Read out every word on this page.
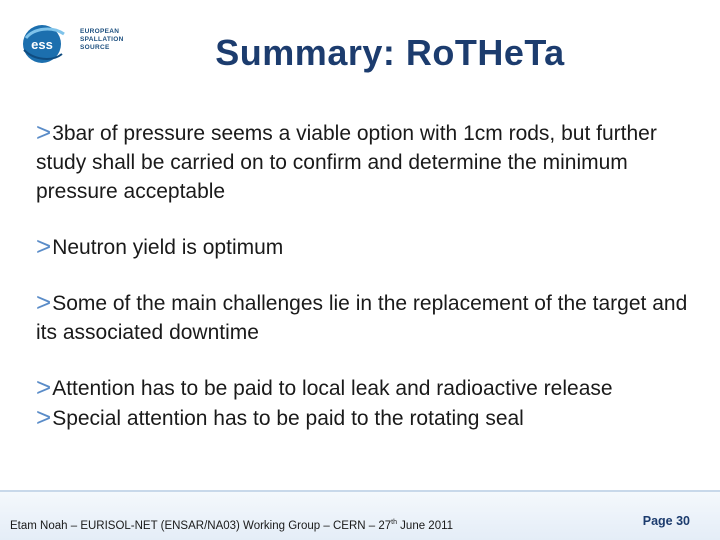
ess
EUROPEAN
SPALLATION
SOURCE	Summary: RoTHeTa
>3bar of pressure seems a viable option with 1cm rods, but further study shall be carried on to confirm and determine the minimum pressure acceptable
>Neutron yield is optimum
>Some of the main challenges lie in the replacement of the target and its associated downtime
>Attention has to be paid to local leak and radioactive release
>Special attention has to be paid to the rotating seal
Etam Noah – EURISOL-NET (ENSAR/NA03) Working Group – CERN – 27th June 2011	Page 30
